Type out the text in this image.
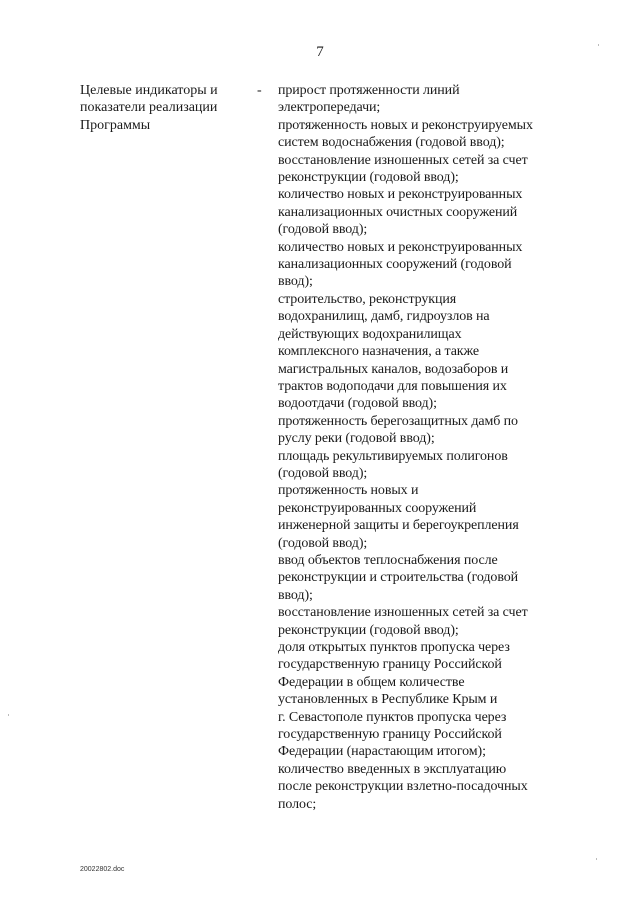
7
Целевые индикаторы и
показатели реализации
Программы
- прирост протяженности линий
электропередачи;
протяженность новых и реконструируемых
систем водоснабжения (годовой ввод);
восстановление изношенных сетей за счет
реконструкции (годовой ввод);
количество новых и реконструированных
канализационных очистных сооружений
(годовой ввод);
количество новых и реконструированных
канализационных сооружений (годовой
ввод);
строительство, реконструкция
водохранилищ, дамб, гидроузлов на
действующих водохранилищах
комплексного назначения, а также
магистральных каналов, водозаборов и
трактов водоподачи для повышения их
водоотдачи (годовой ввод);
протяженность берегозащитных дамб по
руслу реки (годовой ввод);
площадь рекультивируемых полигонов
(годовой ввод);
протяженность новых и
реконструированных сооружений
инженерной защиты и берегоукрепления
(годовой ввод);
ввод объектов теплоснабжения после
реконструкции и строительства (годовой
ввод);
восстановление изношенных сетей за счет
реконструкции (годовой ввод);
доля открытых пунктов пропуска через
государственную границу Российской
Федерации в общем количестве
установленных в Республике Крым и
г. Севастополе пунктов пропуска через
государственную границу Российской
Федерации (нарастающим итогом);
количество введенных в эксплуатацию
после реконструкции взлетно-посадочных
полос;
20022802.doc
